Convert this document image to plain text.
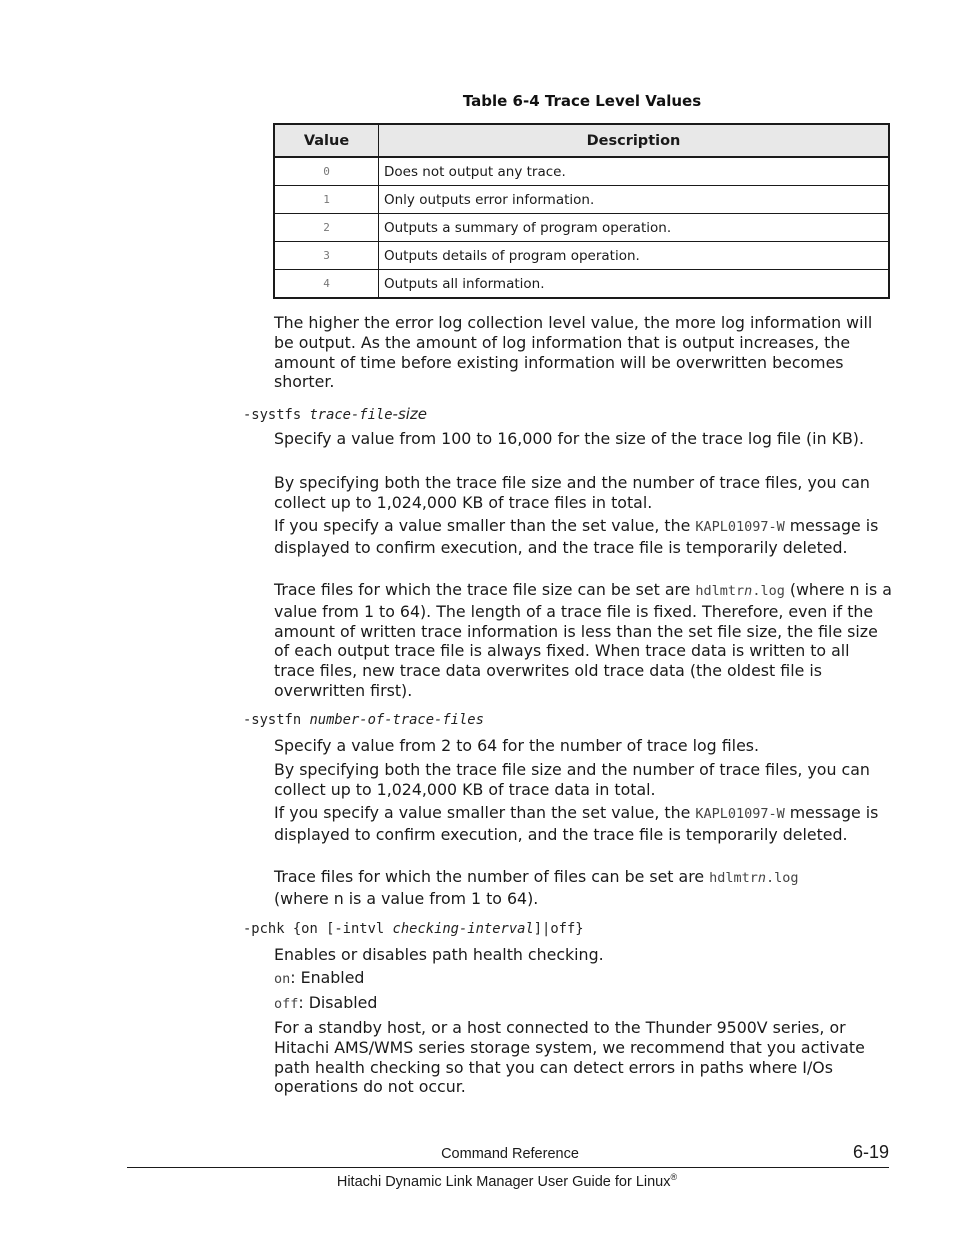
Table 6-4 Trace Level Values
Value	Description
0	Does not output any trace.
1	Only outputs error information.
2	Outputs a summary of program operation.
3	Outputs details of program operation.
4	Outputs all information.
The higher the error log collection level value, the more log information will be output. As the amount of log information that is output increases, the amount of time before existing information will be overwritten becomes shorter.
-systfs trace-file-size
Specify a value from 100 to 16,000 for the size of the trace log file (in KB).
By specifying both the trace file size and the number of trace files, you can collect up to 1,024,000 KB of trace files in total.
If you specify a value smaller than the set value, the KAPL01097-W message is displayed to confirm execution, and the trace file is temporarily deleted.
Trace files for which the trace file size can be set are hdlmtrn.log (where n is a value from 1 to 64). The length of a trace file is fixed. Therefore, even if the amount of written trace information is less than the set file size, the file size of each output trace file is always fixed. When trace data is written to all trace files, new trace data overwrites old trace data (the oldest file is overwritten first).
-systfn number-of-trace-files
Specify a value from 2 to 64 for the number of trace log files.
By specifying both the trace file size and the number of trace files, you can collect up to 1,024,000 KB of trace data in total.
If you specify a value smaller than the set value, the KAPL01097-W message is displayed to confirm execution, and the trace file is temporarily deleted.
Trace files for which the number of files can be set are hdlmtrn.log
(where n is a value from 1 to 64).
-pchk {on [-intvl checking-interval]|off}
Enables or disables path health checking.
on: Enabled
off: Disabled
For a standby host, or a host connected to the Thunder 9500V series, or Hitachi AMS/WMS series storage system, we recommend that you activate path health checking so that you can detect errors in paths where I/Os operations do not occur.
Command Reference	6-19
Hitachi Dynamic Link Manager User Guide for Linux®
